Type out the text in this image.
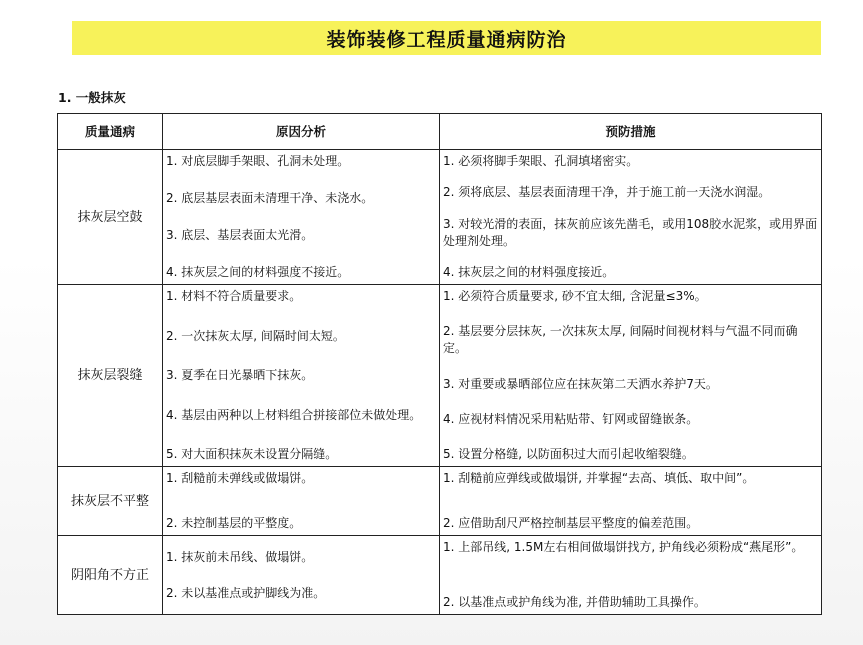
装饰装修工程质量通病防治
1. 一般抹灰
质量通病	原因分析	预防措施
抹灰层空鼓	1. 对底层脚手架眼、孔洞未处理。
2. 底层基层表面未清理干净、未浇水。
3. 底层、基层表面太光滑。
4. 抹灰层之间的材料强度不接近。	1. 必须将脚手架眼、孔洞填堵密实。
2. 须将底层、基层表面清理干净，并于施工前一天浇水润湿。
3. 对较光滑的表面，抹灰前应该先凿毛，或用108胶水泥浆，或用界面处理剂处理。
4. 抹灰层之间的材料强度接近。

抹灰层裂缝	1. 材料不符合质量要求。
2. 一次抹灰太厚, 间隔时间太短。
3. 夏季在日光暴晒下抹灰。
4. 基层由两种以上材料组合拼接部位未做处理。
5. 对大面积抹灰未设置分隔缝。	1. 必须符合质量要求, 砂不宜太细, 含泥量≤3%。
2. 基层要分层抹灰, 一次抹灰太厚, 间隔时间视材料与气温不同而确定。
3. 对重要或暴晒部位应在抹灰第二天洒水养护7天。
4. 应视材料情况采用粘贴带、钉网或留缝嵌条。
5. 设置分格缝, 以防面积过大而引起收缩裂缝。

抹灰层不平整	1. 刮糙前未弹线或做塌饼。
2. 未控制基层的平整度。	1. 刮糙前应弹线或做塌饼, 并掌握“去高、填低、取中间”。
2. 应借助刮尺严格控制基层平整度的偏差范围。

阴阳角不方正	1. 抹灰前未吊线、做塌饼。
2. 未以基准点或护脚线为准。	1. 上部吊线, 1.5M左右相间做塌饼找方, 护角线必须粉成“燕尾形”。
2. 以基准点或护角线为准, 并借助辅助工具操作。
